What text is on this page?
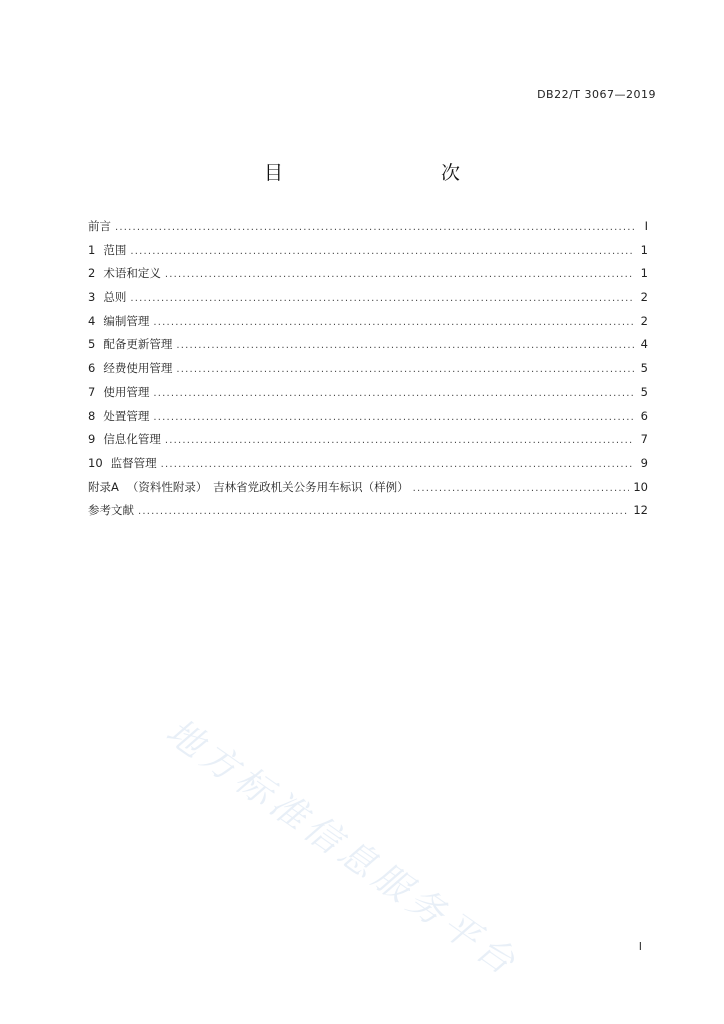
DB22/T 3067—2019
目　　次
前言 .....	I
1 范围 .....	1
2 术语和定义 .....	1
3 总则 .....	2
4 编制管理 .....	2
5 配备更新管理 .....	4
6 经费使用管理 .....	5
7 使用管理 .....	5
8 处置管理 .....	6
9 信息化管理 .....	7
10 监督管理 .....	9
附录A （资料性附录）　吉林省党政机关公务用车标识（样例） .....	10
参考文献 .....	12
地方标准信息服务平台	I
